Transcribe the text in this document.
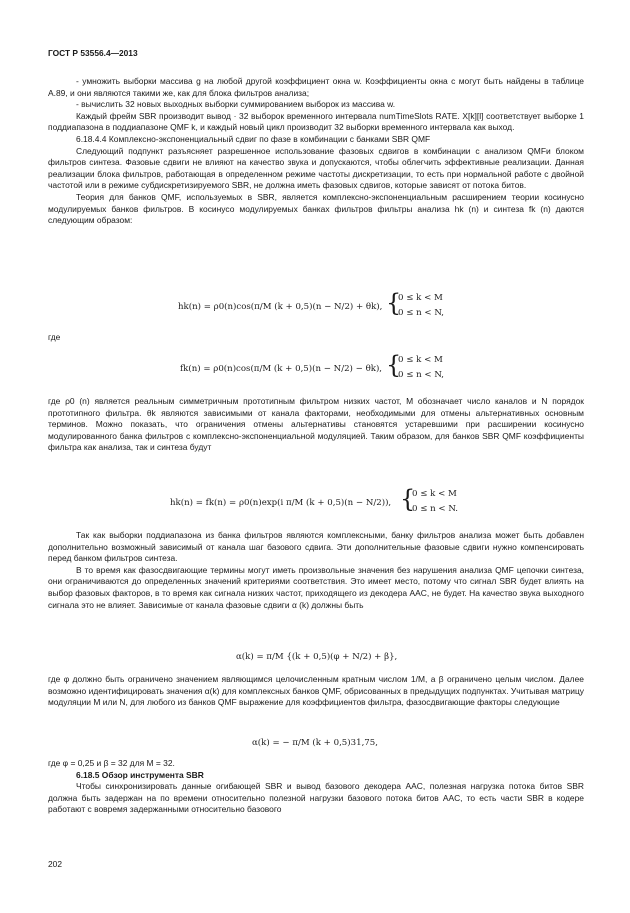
ГОСТ Р 53556.4—2013
- умножить выборки массива g на любой другой коэффициент окна w. Коэффициенты окна c могут быть найдены в таблице А.89, и они являются такими же, как для блока фильтров анализа;
- вычислить 32 новых выходных выборки суммированием выборок из массива w.
Каждый фрейм SBR производит вывод · 32 выборок временного интервала numTimeSlots RATE. X[k][l] соответствует выборке 1 поддиапазона в поддиапазоне QMF k, и каждый новый цикл производит 32 выборки временного интервала как выход.
6.18.4.4 Комплексно-экспоненциальный сдвиг по фазе в комбинации с банками SBR QMF
Следующий подпункт разъясняет разрешенное использование фазовых сдвигов в комбинации с анализом QMFи блоком фильтров синтеза. Фазовые сдвиги не влияют на качество звука и допускаются, чтобы облегчить эффективные реализации. Данная реализации блока фильтров, работающая в определенном режиме частоты дискретизации, то есть при нормальной работе с двойной частотой или в режиме субдискретизируемого SBR, не должна иметь фазовых сдвигов, которые зависят от потока битов.
Теория для банков QMF, используемых в SBR, является комплексно-экспоненциальным расширением теории косинусно модулируемых банков фильтров. В косинусо модулируемых банках фильтров фильтры анализа hk (n) и синтеза fk (n) даются следующим образом:
hk(n) = ρ0(n)cos(π/M (k + 0,5)(n − N/2) + θk), {
0 ≤ k < M
0 ≤ n < N,
где
fk(n) = ρ0(n)cos(π/M (k + 0,5)(n − N/2) − θk), {
0 ≤ k < M
0 ≤ n < N,
где ρ0 (n) является реальным симметричным прототипным фильтром низких частот, M обозначает число каналов и N порядок прототипного фильтра. θk являются зависимыми от канала факторами, необходимыми для отмены альтернативных основным терминов. Можно показать, что ограничения отмены альтернативы становятся устаревшими при расширении косинусно модулированного банка фильтров с комплексно-экспоненциальной модуляцией. Таким образом, для банков SBR QMF коэффициенты фильтра как анализа, так и синтеза будут
hk(n) = fk(n) = ρ0(n)exp(i π/M (k + 0,5)(n − N/2)), {
0 ≤ k < M
0 ≤ n < N.
Так как выборки поддиапазона из банка фильтров являются комплексными, банку фильтров анализа может быть добавлен дополнительно возможный зависимый от канала шаг базового сдвига. Эти дополнительные фазовые сдвиги нужно компенсировать перед банком фильтров синтеза.
В то время как фазосдвигающие термины могут иметь произвольные значения без нарушения анализа QMF цепочки синтеза, они ограничиваются до определенных значений критериями соответствия. Это имеет место, потому что сигнал SBR будет влиять на выбор фазовых факторов, в то время как сигнала низких частот, приходящего из декодера AAC, не будет. На качество звука выходного сигнала это не влияет. Зависимые от канала фазовые сдвиги α (k) должны быть
α(k) = π/M {(k + 0,5)(φ + N/2) + β},
где φ должно быть ограничено значением являющимся целочисленным кратным числом 1/M, а β ограничено целым числом. Далее возможно идентифицировать значения α(k) для комплексных банков QMF, обрисованных в предыдущих подпунктах. Учитывая матрицу модуляции M или N, для любого из банков QMF выражение для коэффициентов фильтра, фазосдвигающие факторы следующие
α(k) = − π/M (k + 0,5)31,75,
где φ = 0,25 и β = 32 для M = 32.
6.18.5 Обзор инструмента SBR
Чтобы синхронизировать данные огибающей SBR и вывод базового декодера AAC, полезная нагрузка потока битов SBR должна быть задержан на по времени относительно полезной нагрузки базового потока битов AAC, то есть части SBR в кодере работают с вовремя задержанными относительно базового
202
